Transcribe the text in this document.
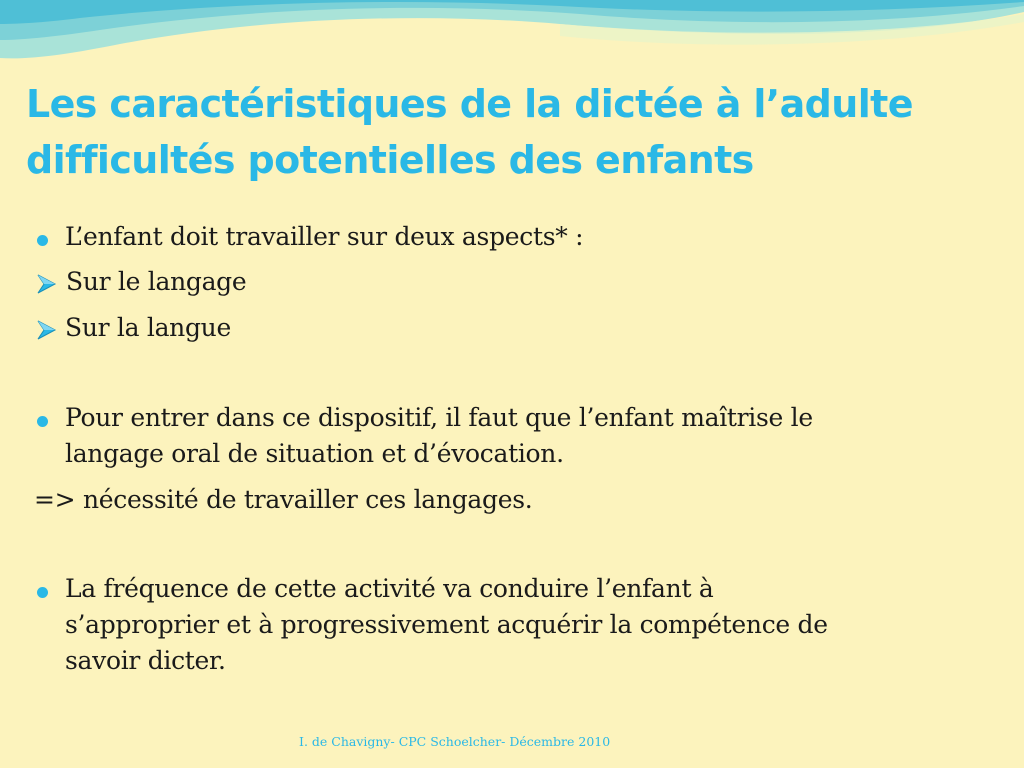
Les caractéristiques de la dictée à l’adulte
difficultés potentielles des enfants
L’enfant doit travailler sur deux aspects* :
Sur le langage
Sur la langue
Pour entrer dans ce dispositif, il faut que l’enfant maîtrise le
langage oral de situation et d’évocation.
=> nécessité de travailler ces langages.
La fréquence de cette activité va conduire l’enfant à
s’approprier et à progressivement acquérir la compétence de
savoir dicter.
I. de Chavigny- CPC Schoelcher- Décembre 2010
